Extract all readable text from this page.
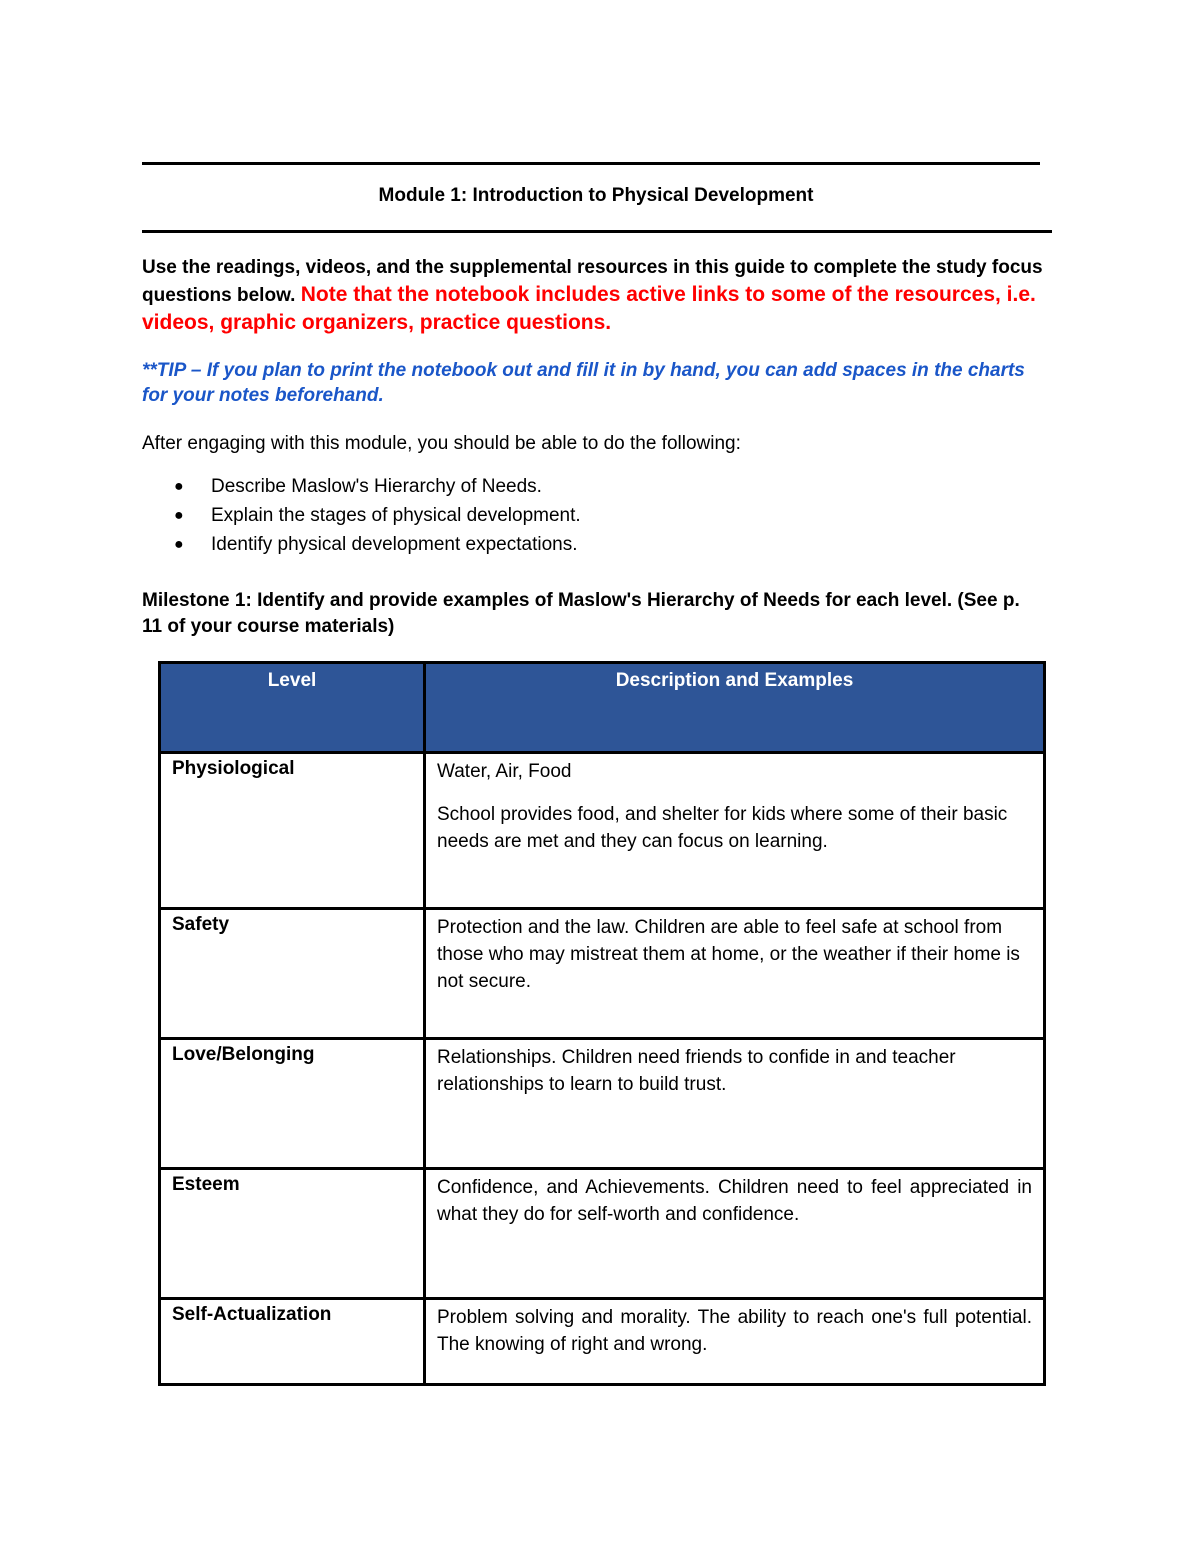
Module 1: Introduction to Physical Development
Use the readings, videos, and the supplemental resources in this guide to complete the study focus questions below. Note that the notebook includes active links to some of the resources, i.e. videos, graphic organizers, practice questions.
**TIP – If you plan to print the notebook out and fill it in by hand, you can add spaces in the charts for your notes beforehand.
After engaging with this module, you should be able to do the following:
● Describe Maslow's Hierarchy of Needs.
● Explain the stages of physical development.
● Identify physical development expectations.
Milestone 1: Identify and provide examples of Maslow's Hierarchy of Needs for each level. (See p. 11 of your course materials)
Level	Description and Examples
Physiological	Water, Air, Food

School provides food, and shelter for kids where some of their basic needs are met and they can focus on learning.

Safety	Protection and the law. Children are able to feel safe at school from those who may mistreat them at home, or the weather if their home is not secure.

Love/Belonging	Relationships. Children need friends to confide in and teacher relationships to learn to build trust.

Esteem	Confidence, and Achievements. Children need to feel appreciated in what they do for self-worth and confidence.

Self-Actualization	Problem solving and morality. The ability to reach one's full potential. The knowing of right and wrong.
